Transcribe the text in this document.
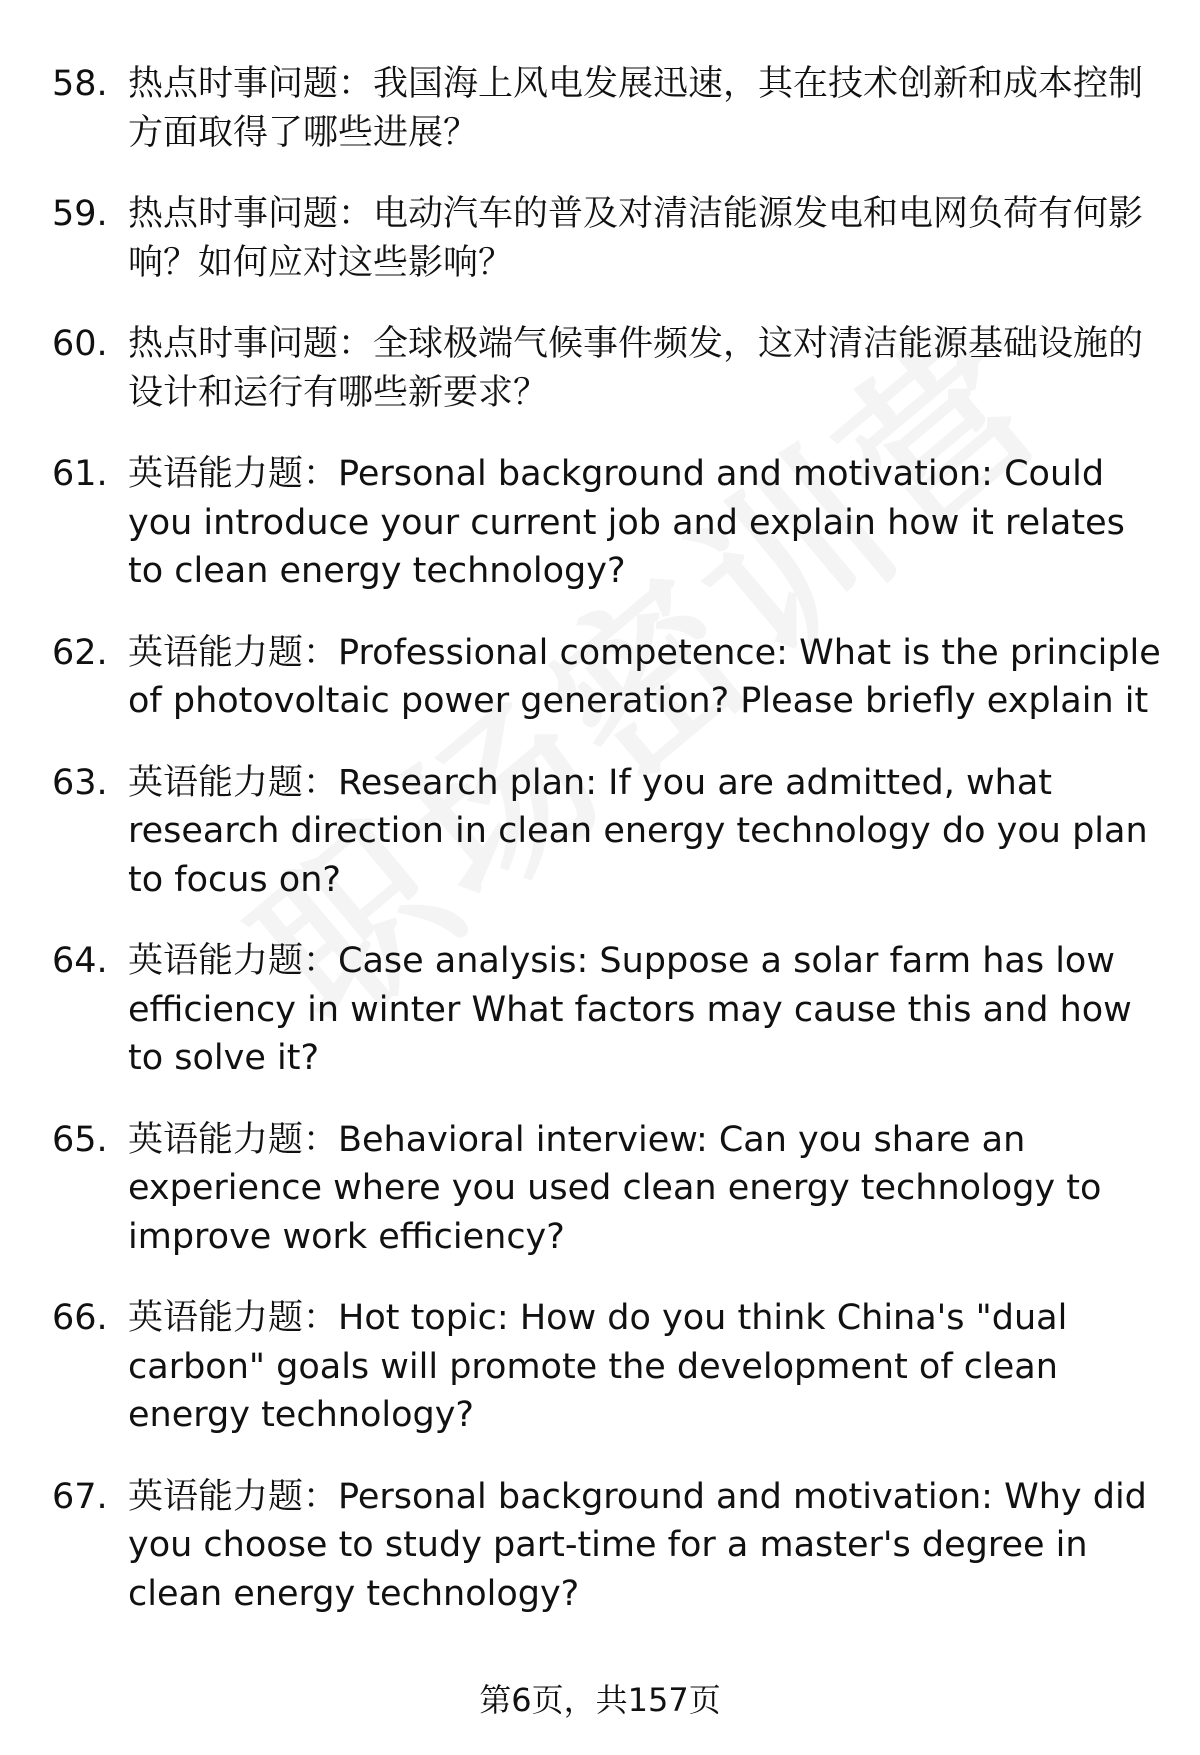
58. 热点时事问题：我国海上风电发展迅速，其在技术创新和成本控制方面取得了哪些进展？
59. 热点时事问题：电动汽车的普及对清洁能源发电和电网负荷有何影响？如何应对这些影响？
60. 热点时事问题：全球极端气候事件频发，这对清洁能源基础设施的设计和运行有哪些新要求？
61. 英语能力题：Personal background and motivation: Could you introduce your current job and explain how it relates to clean energy technology?
62. 英语能力题：Professional competence: What is the principle of photovoltaic power generation? Please briefly explain it
63. 英语能力题：Research plan: If you are admitted, what research direction in clean energy technology do you plan to focus on?
64. 英语能力题：Case analysis: Suppose a solar farm has low efficiency in winter What factors may cause this and how to solve it?
65. 英语能力题：Behavioral interview: Can you share an experience where you used clean energy technology to improve work efficiency?
66. 英语能力题：Hot topic: How do you think China's "dual carbon" goals will promote the development of clean energy technology?
67. 英语能力题：Personal background and motivation: Why did you choose to study part-time for a master's degree in clean energy technology?
第6页，共157页
